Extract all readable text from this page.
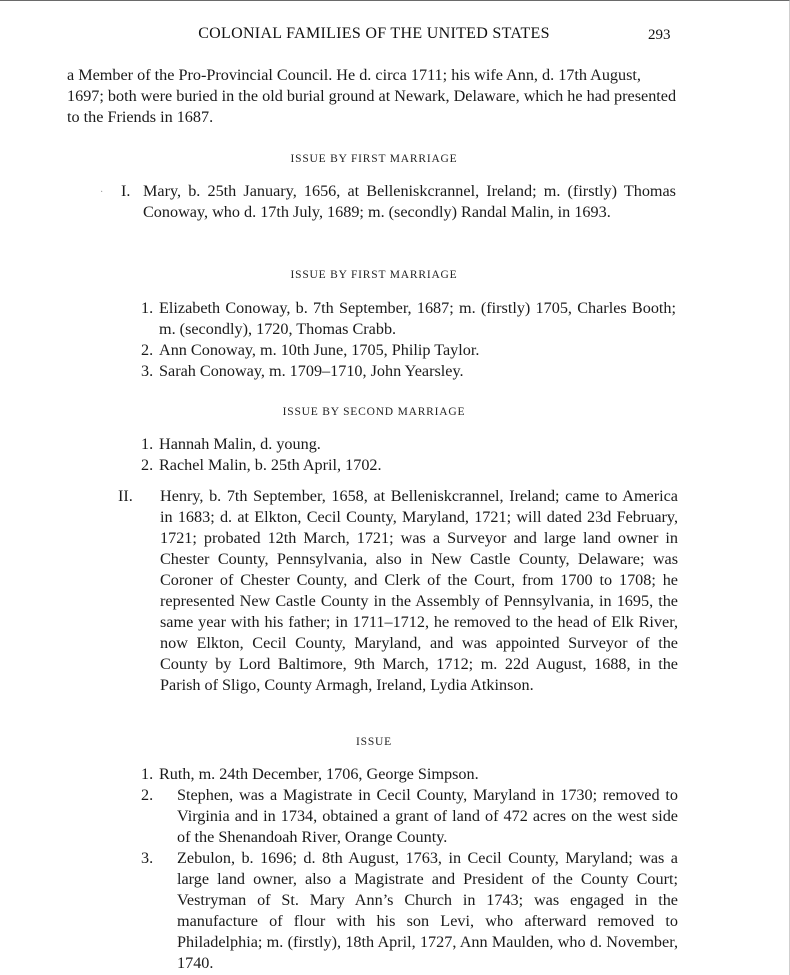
COLONIAL FAMILIES OF THE UNITED STATES	293
a Member of the Pro-Provincial Council. He d. circa 1711; his wife Ann, d. 17th August, 1697; both were buried in the old burial ground at Newark, Delaware, which he had presented to the Friends in 1687.
ISSUE BY FIRST MARRIAGE
· I. Mary, b. 25th January, 1656, at Belleniskcrannel, Ireland; m. (firstly) Thomas Conoway, who d. 17th July, 1689; m. (secondly) Randal Malin, in 1693.
ISSUE BY FIRST MARRIAGE
1. Elizabeth Conoway, b. 7th September, 1687; m. (firstly) 1705, Charles Booth; m. (secondly), 1720, Thomas Crabb.
2. Ann Conoway, m. 10th June, 1705, Philip Taylor.
3. Sarah Conoway, m. 1709–1710, John Yearsley.
ISSUE BY SECOND MARRIAGE
1. Hannah Malin, d. young.
2. Rachel Malin, b. 25th April, 1702.
II.	Henry, b. 7th September, 1658, at Belleniskcrannel, Ireland; came to America in 1683; d. at Elkton, Cecil County, Maryland, 1721; will dated 23d February, 1721; probated 12th March, 1721; was a Surveyor and large land owner in Chester County, Pennsylvania, also in New Castle County, Delaware; was Coroner of Chester County, and Clerk of the Court, from 1700 to 1708; he represented New Castle County in the Assembly of Pennsylvania, in 1695, the same year with his father; in 1711–1712, he removed to the head of Elk River, now Elkton, Cecil County, Maryland, and was appointed Surveyor of the County by Lord Baltimore, 9th March, 1712; m. 22d August, 1688, in the Parish of Sligo, County Armagh, Ireland, Lydia Atkinson.
ISSUE
1. Ruth, m. 24th December, 1706, George Simpson.
2.	Stephen, was a Magistrate in Cecil County, Maryland in 1730; removed to Virginia and in 1734, obtained a grant of land of 472 acres on the west side of the Shenandoah River, Orange County.
3.	Zebulon, b. 1696; d. 8th August, 1763, in Cecil County, Maryland; was a large land owner, also a Magistrate and President of the County Court; Vestryman of St. Mary Ann’s Church in 1743; was engaged in the manufacture of flour with his son Levi, who afterward removed to Philadelphia; m. (firstly), 18th April, 1727, Ann Maulden, who d. November, 1740.
